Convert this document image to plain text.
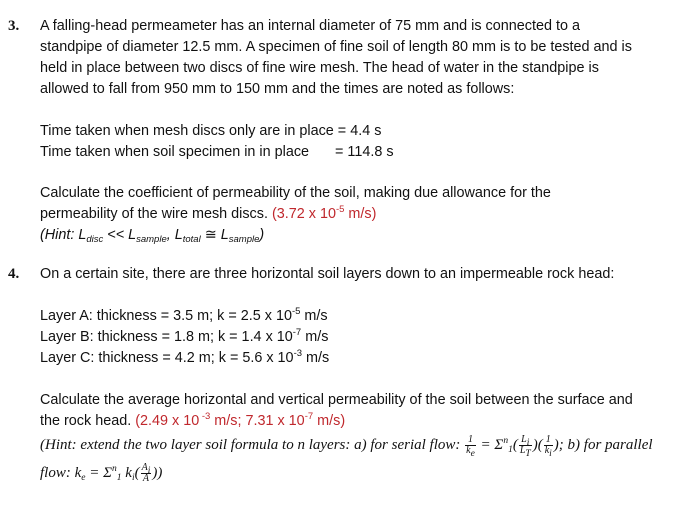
3. A falling-head permeameter has an internal diameter of 75 mm and is connected to a
standpipe of diameter 12.5 mm. A specimen of fine soil of length 80 mm is to be tested and is
held in place between two discs of fine wire mesh. The head of water in the standpipe is
allowed to fall from 950 mm to 150 mm and the times are noted as follows:
Time taken when mesh discs only are in place = 4.4 s
Time taken when soil specimen in in place = 114.8 s
Calculate the coefficient of permeability of the soil, making due allowance for the
permeability of the wire mesh discs. (3.72 x $10^{-5}$ m/s)
(Hint: $L_{disc} << L_{sample}$, $L_{total}$ ≅ $L_{sample}$)
4. On a certain site, there are three horizontal soil layers down to an impermeable rock head:
Layer A: thickness = 3.5 m; k = 2.5 x $10^{-5}$ m/s
Layer B: thickness = 1.8 m; k = 1.4 x $10^{-7}$ m/s
Layer C: thickness = 4.2 m; k = 5.6 x $10^{-3}$ m/s
Calculate the average horizontal and vertical permeability of the soil between the surface and
the rock head. (2.49 x 10 $^{-3}$ m/s; 7.31 x $10^{-7}$ m/s)
(Hint: extend the two layer soil formula to n layers: a) for serial flow: $\frac{1}{ke} = \Sigma^n_1( \frac{Li}{LT}$ )( $\frac{1}{ki}$ ); b) for parallel
flow: $k_e = \Sigma^n_1$ $k_i( \frac{Ai}{A}$ ))
